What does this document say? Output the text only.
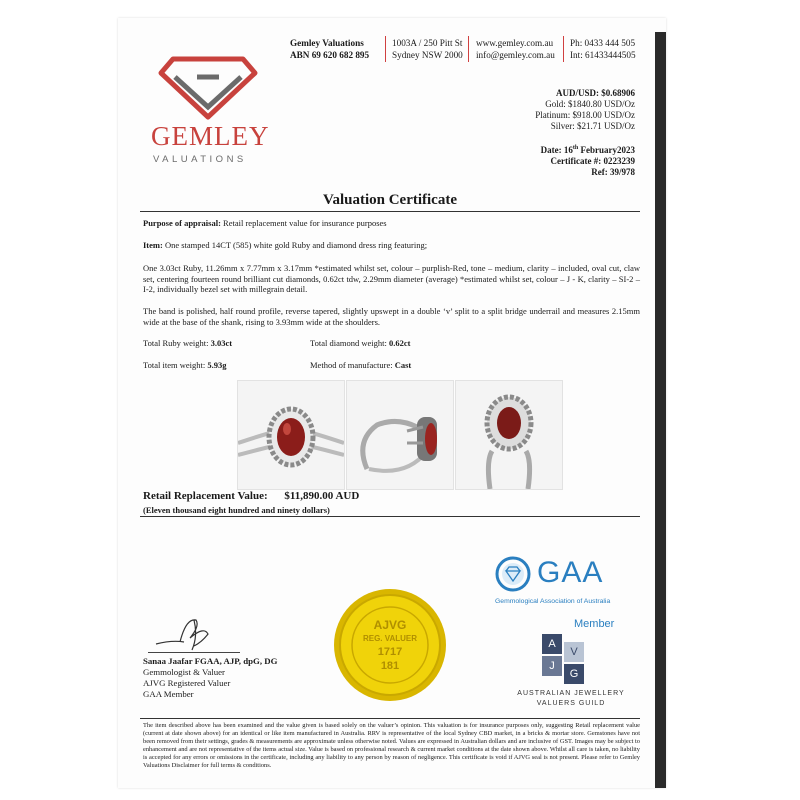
GEMLEY
VALUATIONS
Gemley Valuations
ABN 69 620 682 895
1003A / 250 Pitt St
Sydney NSW 2000
www.gemley.com.au
info@gemley.com.au
Ph: 0433 444 505
Int: 61433444505
AUD/USD: $0.68906
Gold: $1840.80 USD/Oz
Platinum: $918.00 USD/Oz
Silver: $21.71 USD/Oz
Date: 16th February2023
Certificate #: 0223239
Ref: 39/978
Valuation Certificate
Purpose of appraisal: Retail replacement value for insurance purposes
Item: One stamped 14CT (585) white gold Ruby and diamond dress ring featuring;
One 3.03ct Ruby, 11.26mm x 7.77mm x 3.17mm *estimated whilst set, colour – purplish-Red, tone – medium, clarity – included, oval cut, claw set, centering fourteen round brilliant cut diamonds, 0.62ct tdw, 2.29mm diameter (average) *estimated whilst set, colour – J - K, clarity – SI-2 – I-2, individually bezel set with millegrain detail.
The band is polished, half round profile, reverse tapered, slightly upswept in a double ‘v’ split to a split bridge underrail and measures 2.15mm wide at the base of the shank, rising to 3.93mm wide at the shoulders.
Total Ruby weight: 3.03ct	Total diamond weight: 0.62ct
Total item weight: 5.93g	Method of manufacture: Cast
Retail Replacement Value: $11,890.00 AUD
(Eleven thousand eight hundred and ninety dollars)
GAA
Gemmological Association of Australia
Member
A
V
J
G
AUSTRALIAN JEWELLERY
VALUERS GUILD
AJVG
REG. VALUER
1717
181
Sanaa Jaafar FGAA, AJP, dpG, DG
Gemmologist & Valuer
AJVG Registered Valuer
GAA Member
The item described above has been examined and the value given is based solely on the valuer’s opinion. This valuation is for insurance purposes only, suggesting Retail replacement value (current at date shown above) for an identical or like item manufactured in Australia. RRV is representative of the local Sydney CBD market, in a bricks & mortar store. Gemstones have not been removed from their settings, grades & measurements are approximate unless otherwise noted. Values are expressed in Australian dollars and are inclusive of GST. Images may be subject to enhancement and are not representative of the items actual size. Value is based on professional research & current market conditions at the date shown above. Whilst all care is taken, no liability is accepted for any errors or omissions in the certificate, including any liability to any person by reason of negligence. This certificate is void if AJVG seal is not present. Please refer to Gemley Valuations Disclaimer for full terms & conditions.
